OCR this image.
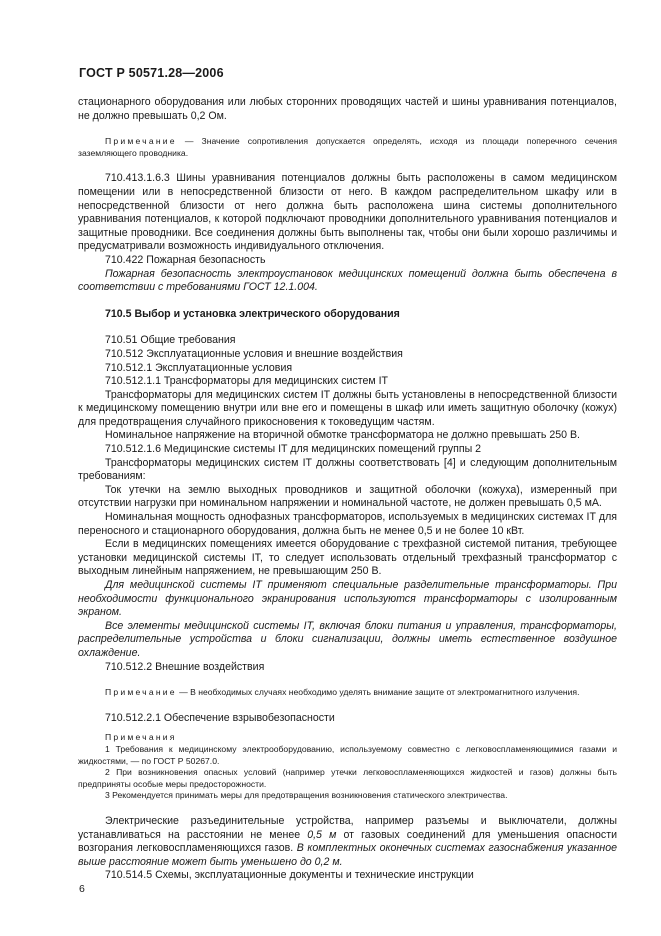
ГОСТ Р 50571.28—2006

стационарного оборудования или любых сторонних проводящих частей и шины уравнивания потенциалов, не должно превышать 0,2 Ом.

Примечание — Значение сопротивления допускается определять, исходя из площади поперечного сечения заземляющего проводника.

710.413.1.6.3 Шины уравнивания потенциалов должны быть расположены в самом медицинском помещении или в непосредственной близости от него. В каждом распределительном шкафу или в непосредственной близости от него должна быть расположена шина системы дополнительного уравнивания потенциалов, к которой подключают проводники дополнительного уравнивания потенциалов и защитные проводники. Все соединения должны быть выполнены так, чтобы они были хорошо различимы и предусматривали возможность индивидуального отключения.

710.422 Пожарная безопасность

Пожарная безопасность электроустановок медицинских помещений должна быть обеспечена в соответствии с требованиями ГОСТ 12.1.004.

710.5 Выбор и установка электрического оборудования

710.51 Общие требования

710.512 Эксплуатационные условия и внешние воздействия

710.512.1 Эксплуатационные условия

710.512.1.1 Трансформаторы для медицинских систем IT

Трансформаторы для медицинских систем IT должны быть установлены в непосредственной близости к медицинскому помещению внутри или вне его и помещены в шкаф или иметь защитную оболочку (кожух) для предотвращения случайного прикосновения к токоведущим частям.

Номинальное напряжение на вторичной обмотке трансформатора не должно превышать 250 В.

710.512.1.6 Медицинские системы IT для медицинских помещений группы 2

Трансформаторы медицинских систем IT должны соответствовать [4] и следующим дополнительным требованиям:

Ток утечки на землю выходных проводников и защитной оболочки (кожуха), измеренный при отсутствии нагрузки при номинальном напряжении и номинальной частоте, не должен превышать 0,5 мА.

Номинальная мощность однофазных трансформаторов, используемых в медицинских системах IT для переносного и стационарного оборудования, должна быть не менее 0,5 и не более 10 кВт.

Если в медицинских помещениях имеется оборудование с трехфазной системой питания, требующее установки медицинской системы IT, то следует использовать отдельный трехфазный трансформатор с выходным линейным напряжением, не превышающим 250 В.

Для медицинской системы IT применяют специальные разделительные трансформаторы. При необходимости функционального экранирования используются трансформаторы с изолированным экраном.

Все элементы медицинской системы IT, включая блоки питания и управления, трансформаторы, распределительные устройства и блоки сигнализации, должны иметь естественное воздушное охлаждение.

710.512.2 Внешние воздействия

Примечание — В необходимых случаях необходимо уделять внимание защите от электромагнитного излучения.

710.512.2.1 Обеспечение взрывобезопасности

Примечания

1 Требования к медицинскому электрооборудованию, используемому совместно с легковоспламеняющимися газами и жидкостями, — по ГОСТ Р 50267.0.

2 При возникновения опасных условий (например утечки легковоспламеняющихся жидкостей и газов) должны быть предприняты особые меры предосторожности.

3 Рекомендуется принимать меры для предотвращения возникновения статического электричества.

Электрические разъединительные устройства, например разъемы и выключатели, должны устанавливаться на расстоянии не менее 0,5 м от газовых соединений для уменьшения опасности возгорания легковоспламеняющихся газов. В комплектных оконечных системах газоснабжения указанное выше расстояние может быть уменьшено до 0,2 м.

710.514.5 Схемы, эксплуатационные документы и технические инструкции

6
